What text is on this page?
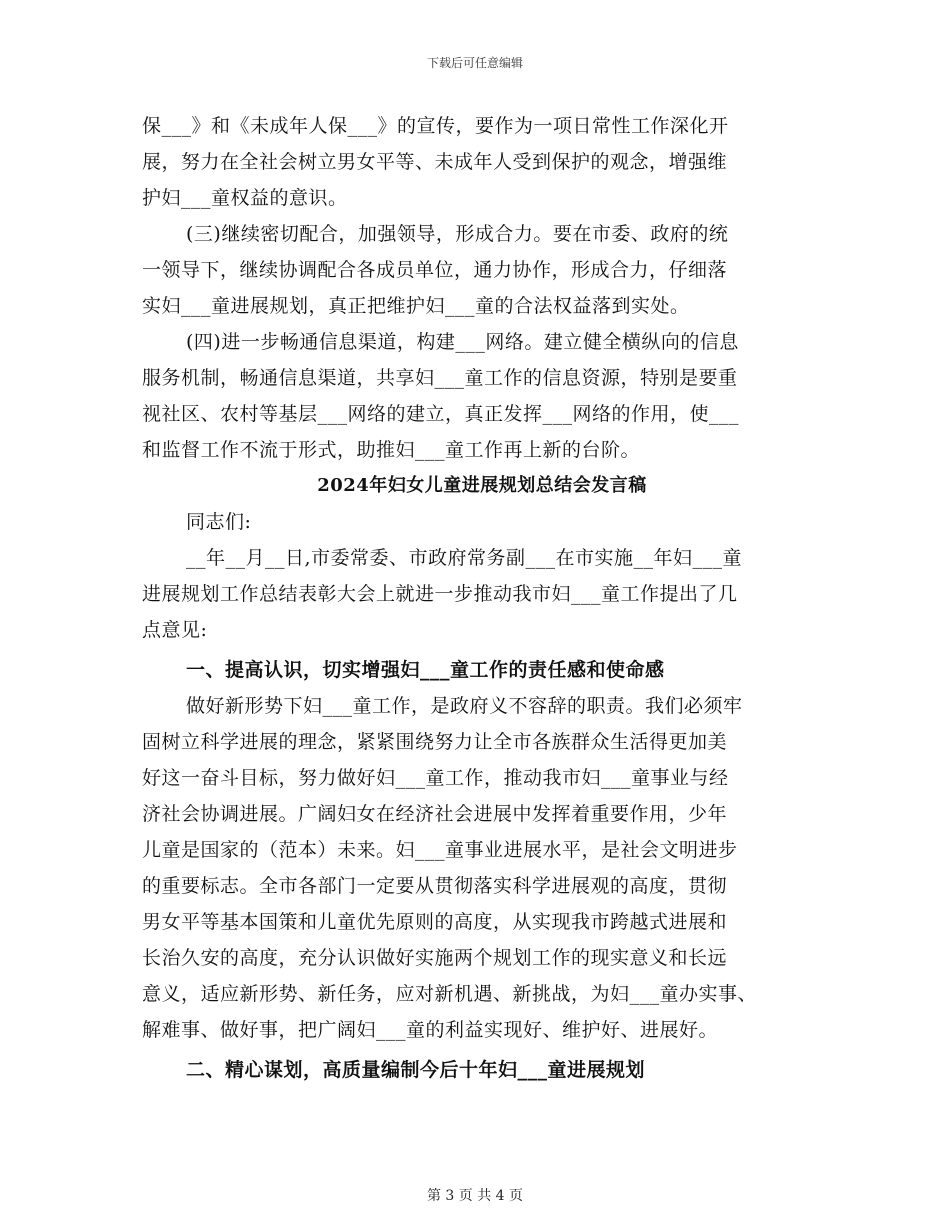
下载后可任意编辑
保___》和《未成年人保___》的宣传，要作为一项日常性工作深化开
展，努力在全社会树立男女平等、未成年人受到保护的观念，增强维
护妇___童权益的意识。
(三)继续密切配合，加强领导，形成合力。要在市委、政府的统
一领导下，继续协调配合各成员单位，通力协作，形成合力，仔细落
实妇___童进展规划，真正把维护妇___童的合法权益落到实处。
(四)进一步畅通信息渠道，构建___网络。建立健全横纵向的信息
服务机制，畅通信息渠道，共享妇___童工作的信息资源，特别是要重
视社区、农村等基层___网络的建立，真正发挥___网络的作用，使___
和监督工作不流于形式，助推妇___童工作再上新的台阶。
2024年妇女儿童进展规划总结会发言稿
同志们:
__年__月__日,市委常委、市政府常务副___在市实施__年妇___童
进展规划工作总结表彰大会上就进一步推动我市妇___童工作提出了几
点意见:
一、提高认识，切实增强妇___童工作的责任感和使命感
做好新形势下妇___童工作，是政府义不容辞的职责。我们必须牢
固树立科学进展的理念，紧紧围绕努力让全市各族群众生活得更加美
好这一奋斗目标，努力做好妇___童工作，推动我市妇___童事业与经
济社会协调进展。广阔妇女在经济社会进展中发挥着重要作用，少年
儿童是国家的（范本）未来。妇___童事业进展水平，是社会文明进步
的重要标志。全市各部门一定要从贯彻落实科学进展观的高度，贯彻
男女平等基本国策和儿童优先原则的高度，从实现我市跨越式进展和
长治久安的高度，充分认识做好实施两个规划工作的现实意义和长远
意义，适应新形势、新任务，应对新机遇、新挑战，为妇___童办实事、
解难事、做好事，把广阔妇___童的利益实现好、维护好、进展好。
二、精心谋划，高质量编制今后十年妇___童进展规划
第 3 页 共 4 页
